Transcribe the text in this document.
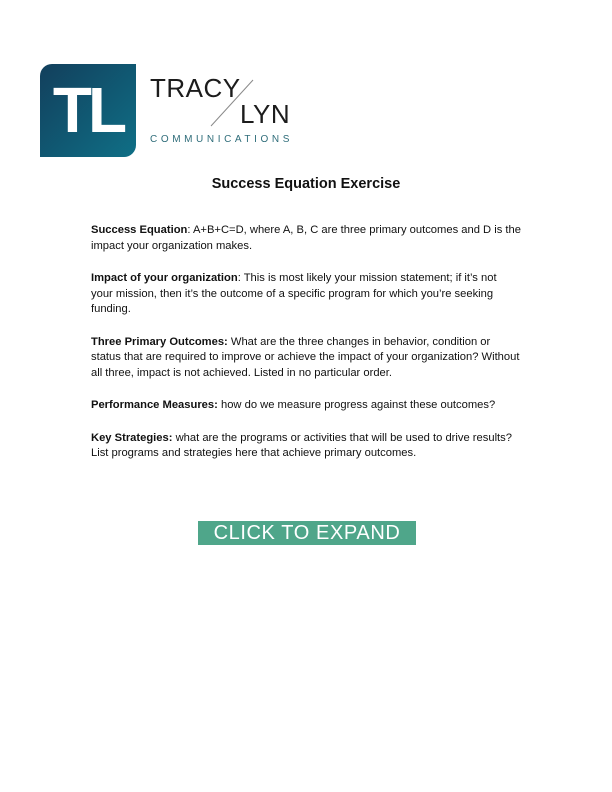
TL	TRACY
LYN
COMMUNICATIONS
Success Equation Exercise

Success Equation: A+B+C=D, where A, B, C are three primary outcomes and D is the impact your organization makes.

Impact of your organization: This is most likely your mission statement; if it’s not your mission, then it’s the outcome of a specific program for which you’re seeking funding.

Three Primary Outcomes: What are the three changes in behavior, condition or status that are required to improve or achieve the impact of your organization? Without all three, impact is not achieved. Listed in no particular order.

Performance Measures: how do we measure progress against these outcomes?

Key Strategies: what are the programs or activities that will be used to drive results? List programs and strategies here that achieve primary outcomes.

CLICK TO EXPAND
